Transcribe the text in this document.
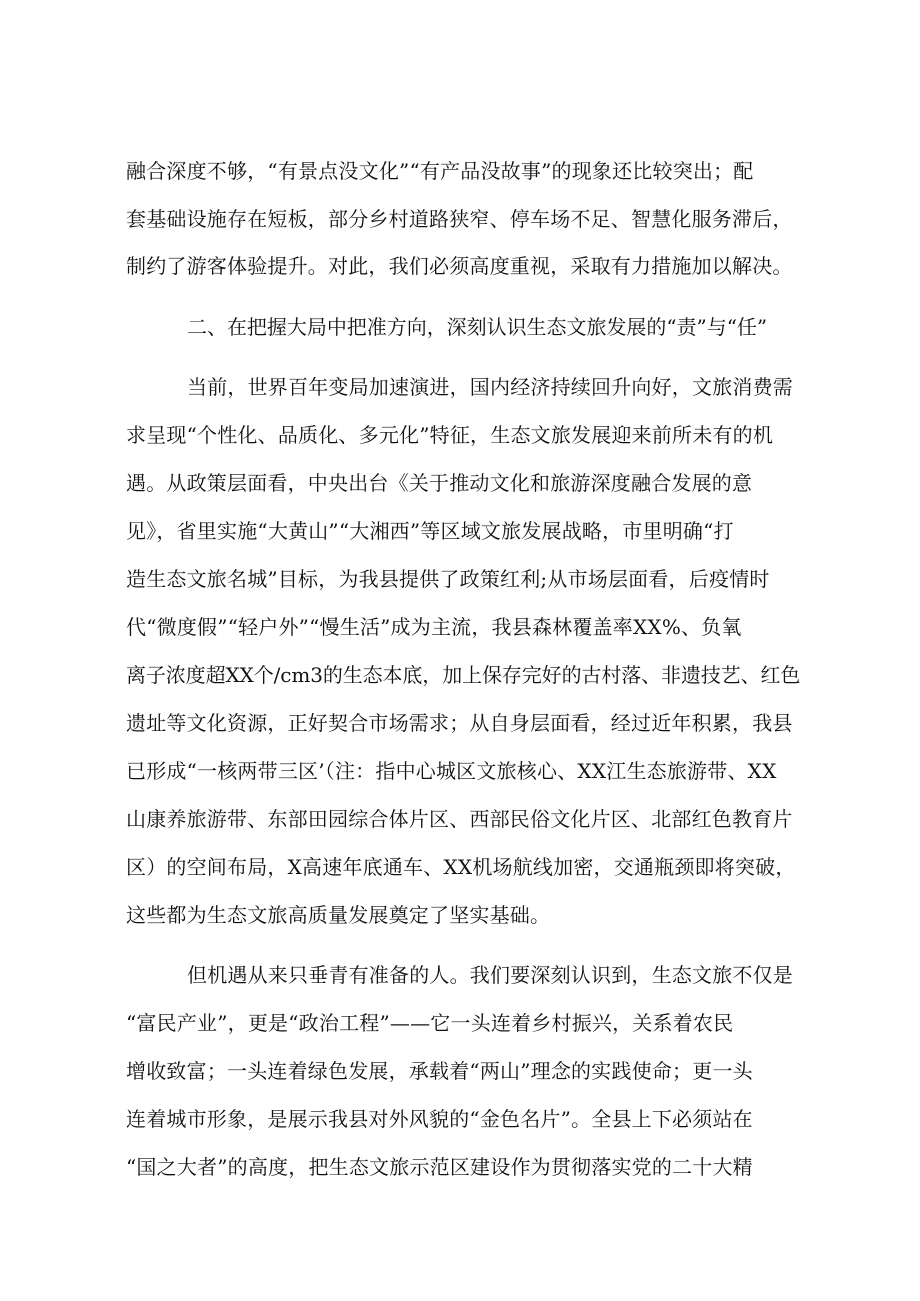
融合深度不够，“有景点没文化”“有产品没故事”的现象还比较突出；配
套基础设施存在短板，部分乡村道路狭窄、停车场不足、智慧化服务滞后，
制约了游客体验提升。对此，我们必须高度重视，采取有力措施加以解决。
二、在把握大局中把准方向，深刻认识生态文旅发展的“责”与“任”
当前，世界百年变局加速演进，国内经济持续回升向好，文旅消费需
求呈现“个性化、品质化、多元化”特征，生态文旅发展迎来前所未有的机
遇。从政策层面看，中央出台《关于推动文化和旅游深度融合发展的意
见》，省里实施“大黄山”“大湘西”等区域文旅发展战略，市里明确“打
造生态文旅名城”目标，为我县提供了政策红利;从市场层面看，后疫情时
代“微度假”“轻户外”“慢生活”成为主流，我县森林覆盖率XX%、负氧
离子浓度超XX个/cm3的生态本底，加上保存完好的古村落、非遗技艺、红色
遗址等文化资源，正好契合市场需求；从自身层面看，经过近年积累，我县
已形成“一核两带三区’（注：指中心城区文旅核心、XX江生态旅游带、XX
山康养旅游带、东部田园综合体片区、西部民俗文化片区、北部红色教育片
区）的空间布局，X高速年底通车、XX机场航线加密，交通瓶颈即将突破，
这些都为生态文旅高质量发展奠定了坚实基础。
但机遇从来只垂青有准备的人。我们要深刻认识到，生态文旅不仅是
“富民产业”，更是“政治工程”——它一头连着乡村振兴，关系着农民
增收致富；一头连着绿色发展，承载着“两山”理念的实践使命；更一头
连着城市形象，是展示我县对外风貌的“金色名片”。全县上下必须站在
“国之大者”的高度，把生态文旅示范区建设作为贯彻落实党的二十大精
